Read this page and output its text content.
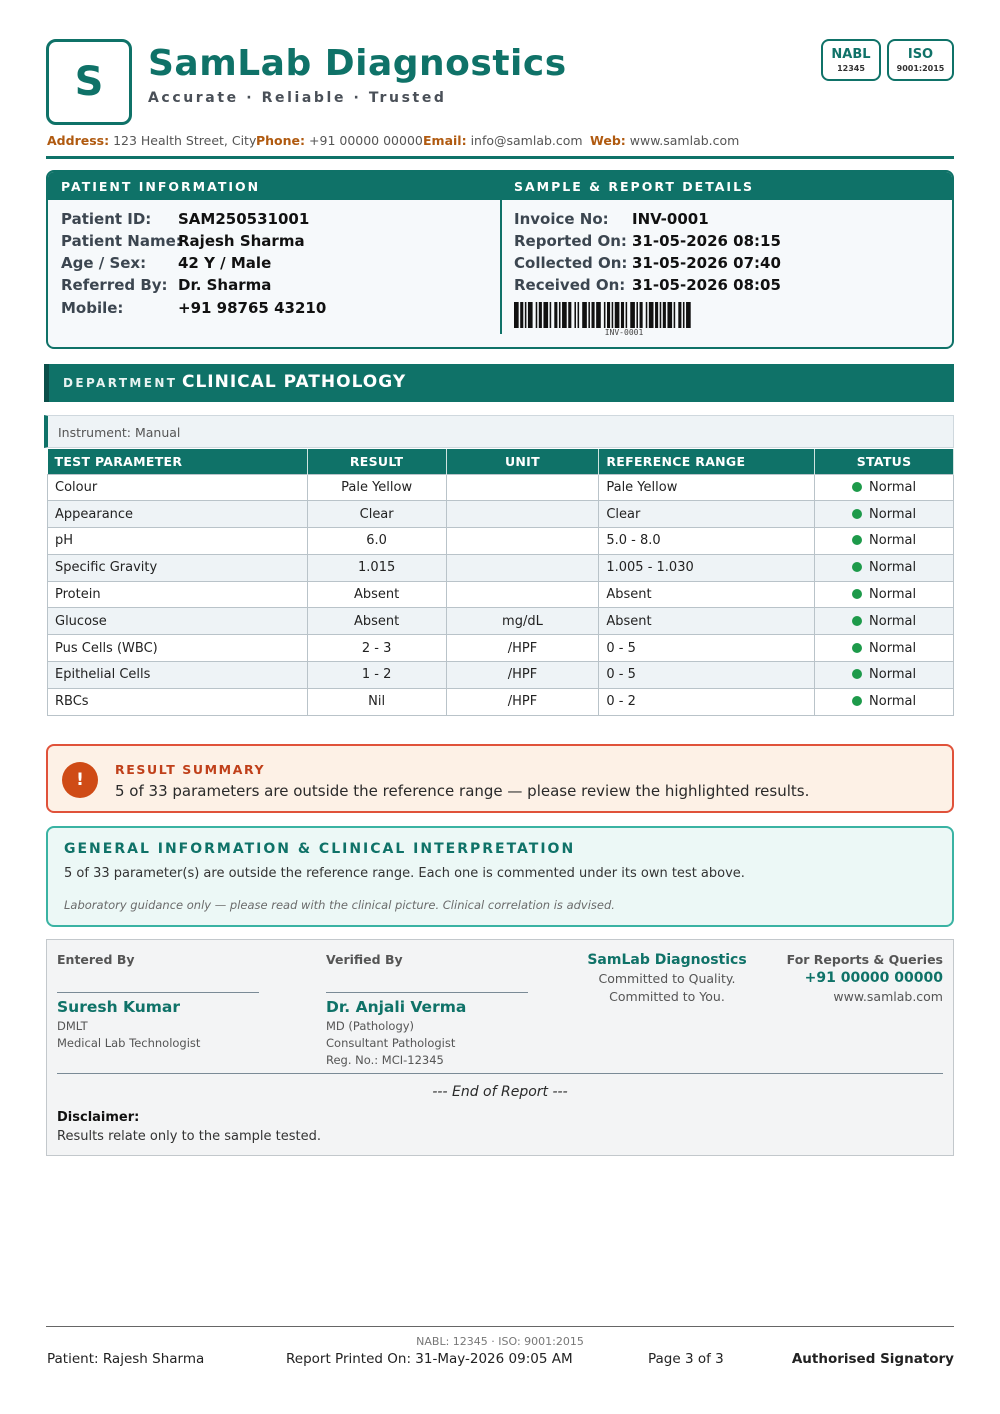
S	SamLab Diagnostics
Accurate · Reliable · Trusted
NABL
12345
ISO
9001:2015
Address: 123 Health Street, City Phone: +91 00000 00000 Email: info@samlab.com Web: www.samlab.com
PATIENT INFORMATION	SAMPLE & REPORT DETAILS
Patient ID: SAM250531001
Patient Name:
Rajesh Sharma
Age / Sex: 42 Y / Male
Referred By: Dr. Sharma
Mobile:	+91 98765 43210
Invoice No: INV-0001
Reported On: 31-05-2026 08:15
Collected On: 31-05-2026 07:40
Received On: 31-05-2026 08:05
INV-0001
DEPARTMENT CLINICAL PATHOLOGY
Instrument: Manual
TEST PARAMETER	RESULT	UNIT	REFERENCE RANGE	STATUS
Colour	Pale Yellow		Pale Yellow	Normal
Appearance	Clear		Clear	Normal
pH	6.0		5.0 - 8.0	Normal
Specific Gravity	1.015		1.005 - 1.030	Normal
Protein	Absent		Absent	Normal
Glucose	Absent	mg/dL	Absent	Normal
Pus Cells (WBC)	2 - 3	/HPF	0 - 5	Normal
Epithelial Cells	1 - 2	/HPF	0 - 5	Normal
RBCs	Nil	/HPF	0 - 2	Normal
!
RESULT SUMMARY
5 of 33 parameters are outside the reference range — please review the highlighted results.
GENERAL INFORMATION & CLINICAL INTERPRETATION
5 of 33 parameter(s) are outside the reference range. Each one is commented under its own test above.
Laboratory guidance only — please read with the clinical picture. Clinical correlation is advised.
Entered By
Suresh Kumar
DMLT
Medical Lab Technologist
Verified By
Dr. Anjali Verma
MD (Pathology)
Consultant Pathologist
Reg. No.: MCI-12345
SamLab Diagnostics
Committed to Quality.
Committed to You.
For Reports & Queries
+91 00000 00000
www.samlab.com
--- End of Report ---
Disclaimer:
Results relate only to the sample tested.
NABL: 12345 · ISO: 9001:2015
Patient: Rajesh Sharma	Report Printed On: 31-May-2026 09:05 AM	Page 3 of 3	Authorised Signatory
